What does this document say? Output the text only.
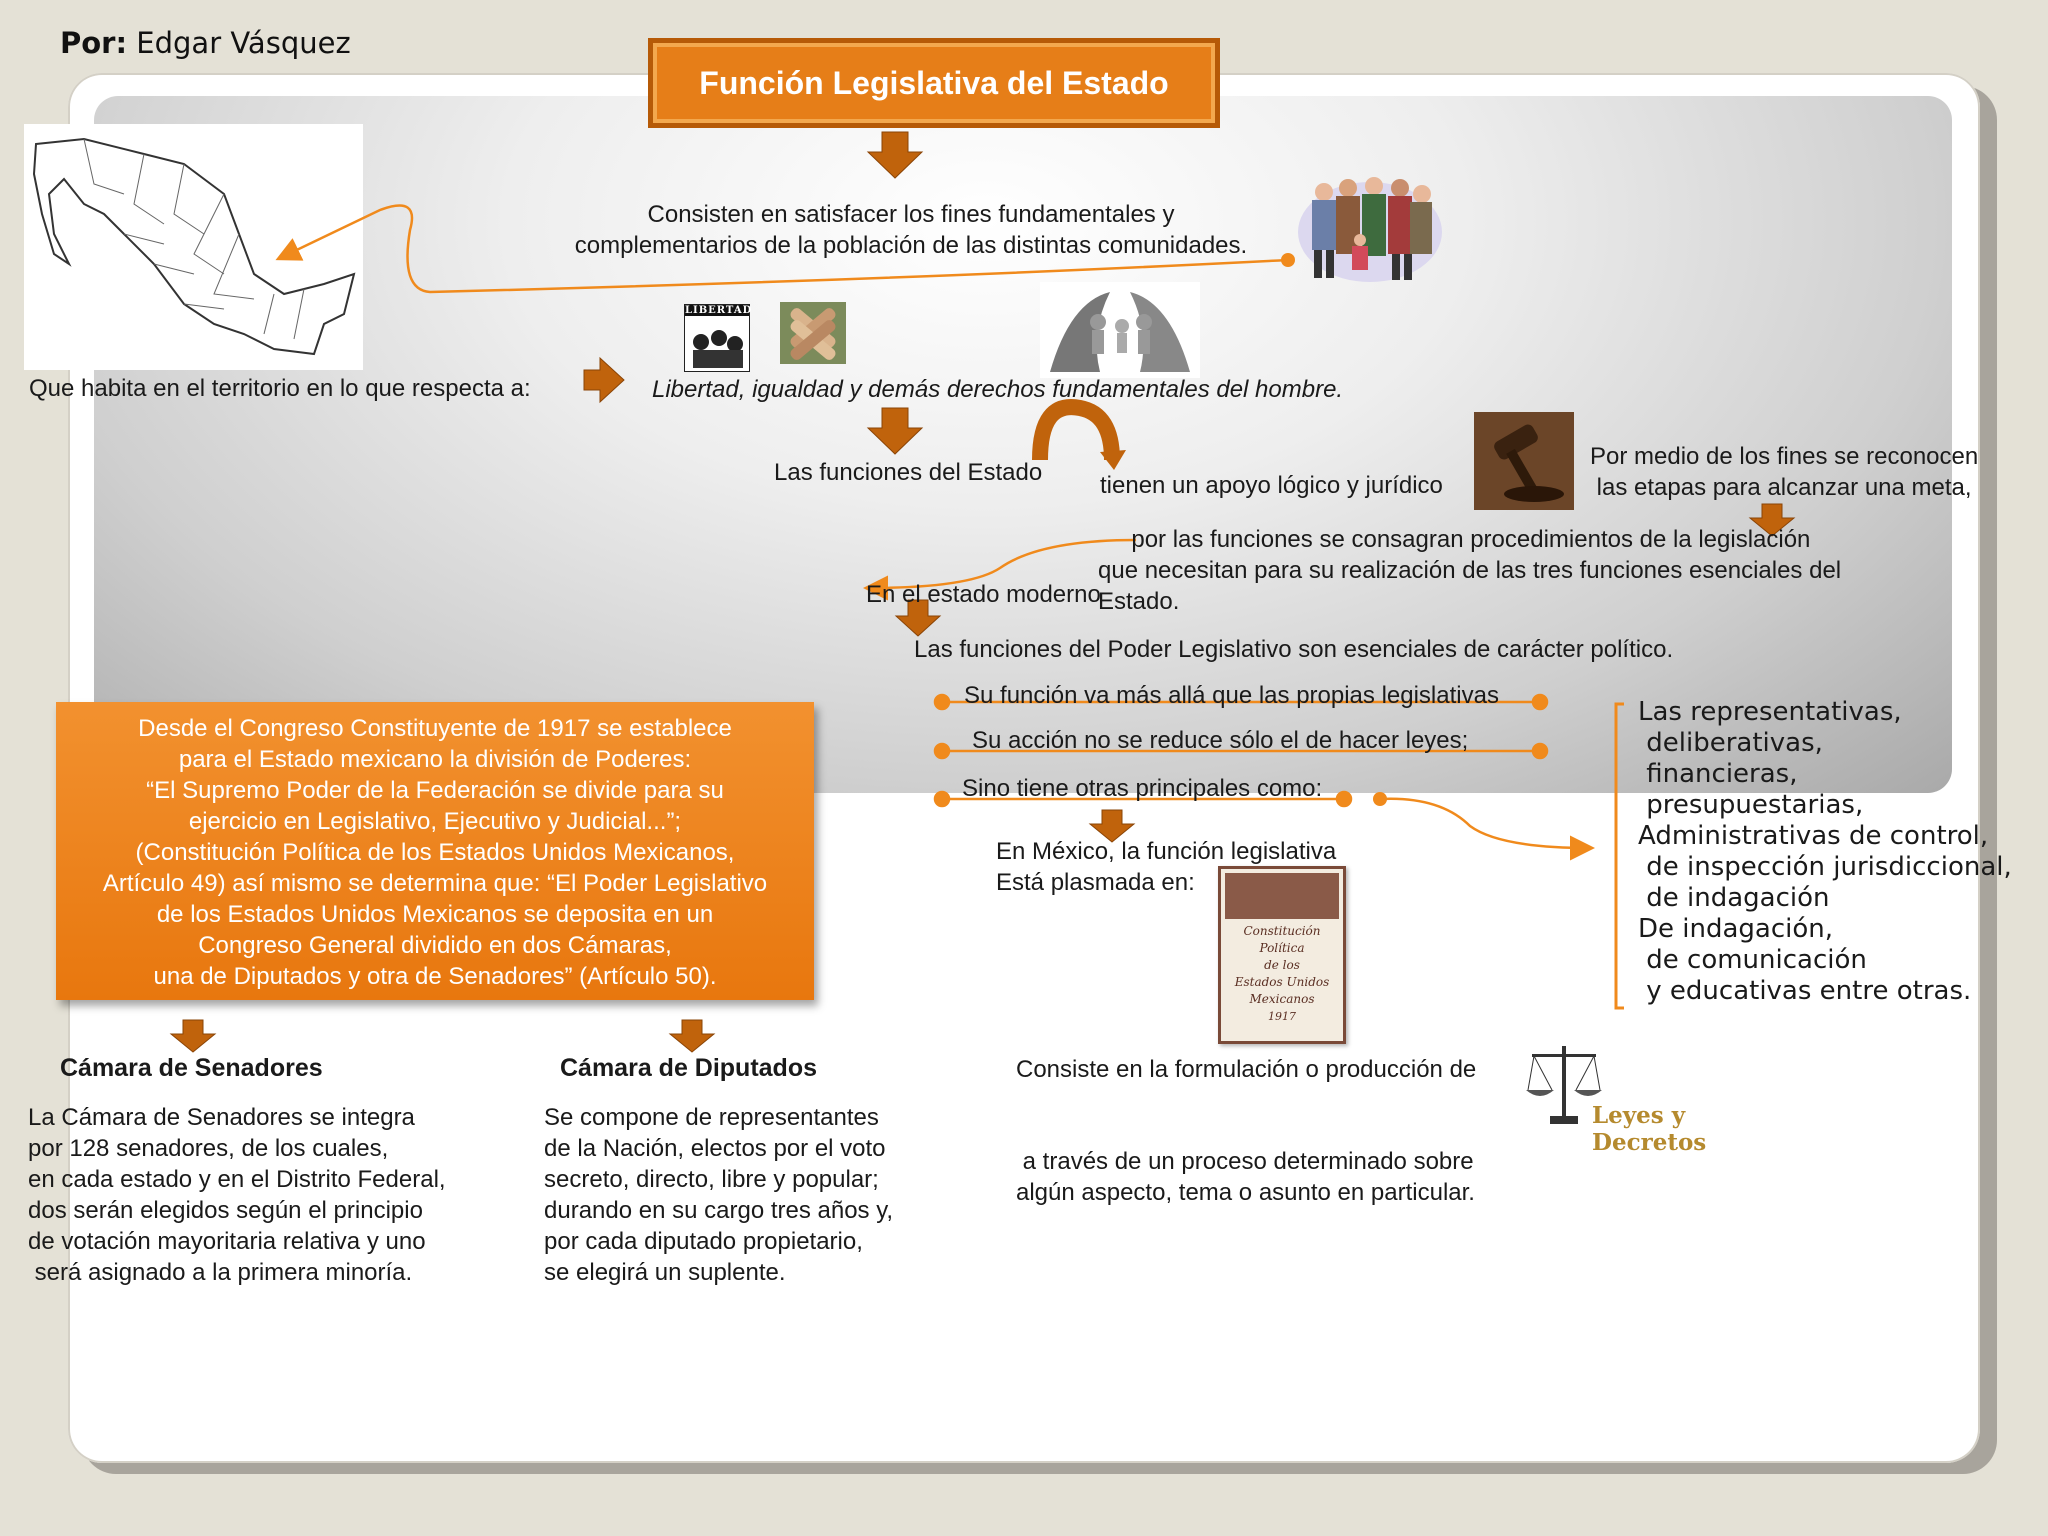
Por: Edgar Vásquez
Función Legislativa del Estado
LIBERTAD
Constitución Política
de los
Estados Unidos
Mexicanos
1917
Leyes y Decretos
Consisten en satisfacer los fines fundamentales y
complementarios de la población de las distintas comunidades.
Que habita en el territorio en lo que respecta a:	Libertad, igualdad y demás derechos fundamentales del hombre.
Las funciones del Estado tienen un apoyo lógico y jurídico
Por medio de los fines se reconocen
las etapas para alcanzar una meta,
por las funciones se consagran procedimientos de la legislación
que necesitan para su realización de las tres funciones esenciales del
Estado.
En el estado moderno
Las funciones del Poder Legislativo son esenciales de carácter político.
Su función va más allá que las propias legislativas
Su acción no se reduce sólo el de hacer leyes;
Sino tiene otras principales como:
Las representativas,
deliberativas,
financieras,
presupuestarias,
Administrativas de control,
de inspección jurisdiccional,
de indagación
De indagación,
de comunicación
y educativas entre otras.
En México, la función legislativa
Está plasmada en:
Desde el Congreso Constituyente de 1917 se establece
para el Estado mexicano la división de Poderes:
“El Supremo Poder de la Federación se divide para su
ejercicio en Legislativo, Ejecutivo y Judicial...”;
(Constitución Política de los Estados Unidos Mexicanos,
Artículo 49) así mismo se determina que: “El Poder Legislativo
de los Estados Unidos Mexicanos se deposita en un
Congreso General dividido en dos Cámaras,
una de Diputados y otra de Senadores” (Artículo 50).
Cámara de Senadores
La Cámara de Senadores se integra
por 128 senadores, de los cuales,
en cada estado y en el Distrito Federal,
dos serán elegidos según el principio
de votación mayoritaria relativa y uno
será asignado a la primera minoría.
Cámara de Diputados
Se compone de representantes
de la Nación, electos por el voto
secreto, directo, libre y popular;
durando en su cargo tres años y,
por cada diputado propietario,
se elegirá un suplente.
Consiste en la formulación o producción de
a través de un proceso determinado sobre
algún aspecto, tema o asunto en particular.
